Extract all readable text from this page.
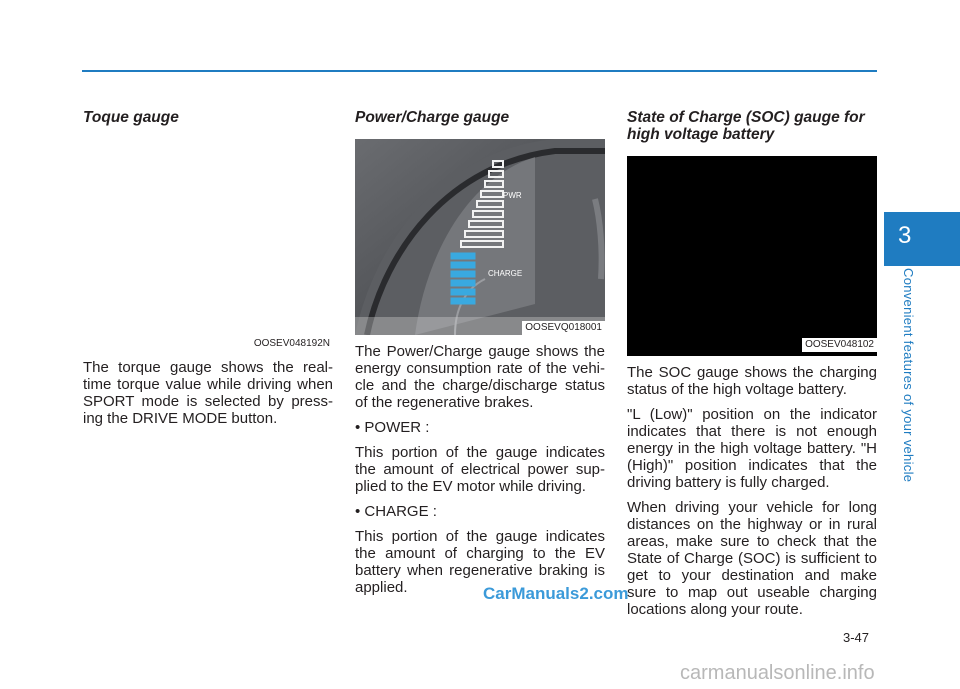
Toque gauge
OOSEV048192N

The torque gauge shows the real-time torque value while driving when SPORT mode is selected by press-ing the DRIVE MODE button.

Power/Charge gauge
PWR
CHARGE
OOSEVQ018001

The Power/Charge gauge shows the energy consumption rate of the vehi-cle and the charge/discharge status of the regenerative brakes.

• POWER :

This portion of the gauge indicates the amount of electrical power sup-plied to the EV motor while driving.

• CHARGE :

This portion of the gauge indicates the amount of charging to the EV battery when regenerative braking is applied.

State of Charge (SOC) gauge for high voltage battery
OOSEV048102

The SOC gauge shows the charging status of the high voltage battery.

"L (Low)" position on the indicator indicates that there is not enough energy in the high voltage battery. "H (High)" position indicates that the driving battery is fully charged.

When driving your vehicle for long distances on the highway or in rural areas, make sure to check that the State of Charge (SOC) is sufficient to get to your destination and make sure to map out useable charging locations along your route.

3
Convenient features of your vehicle
3-47
CarManuals2.com
carmanualsonline.info
